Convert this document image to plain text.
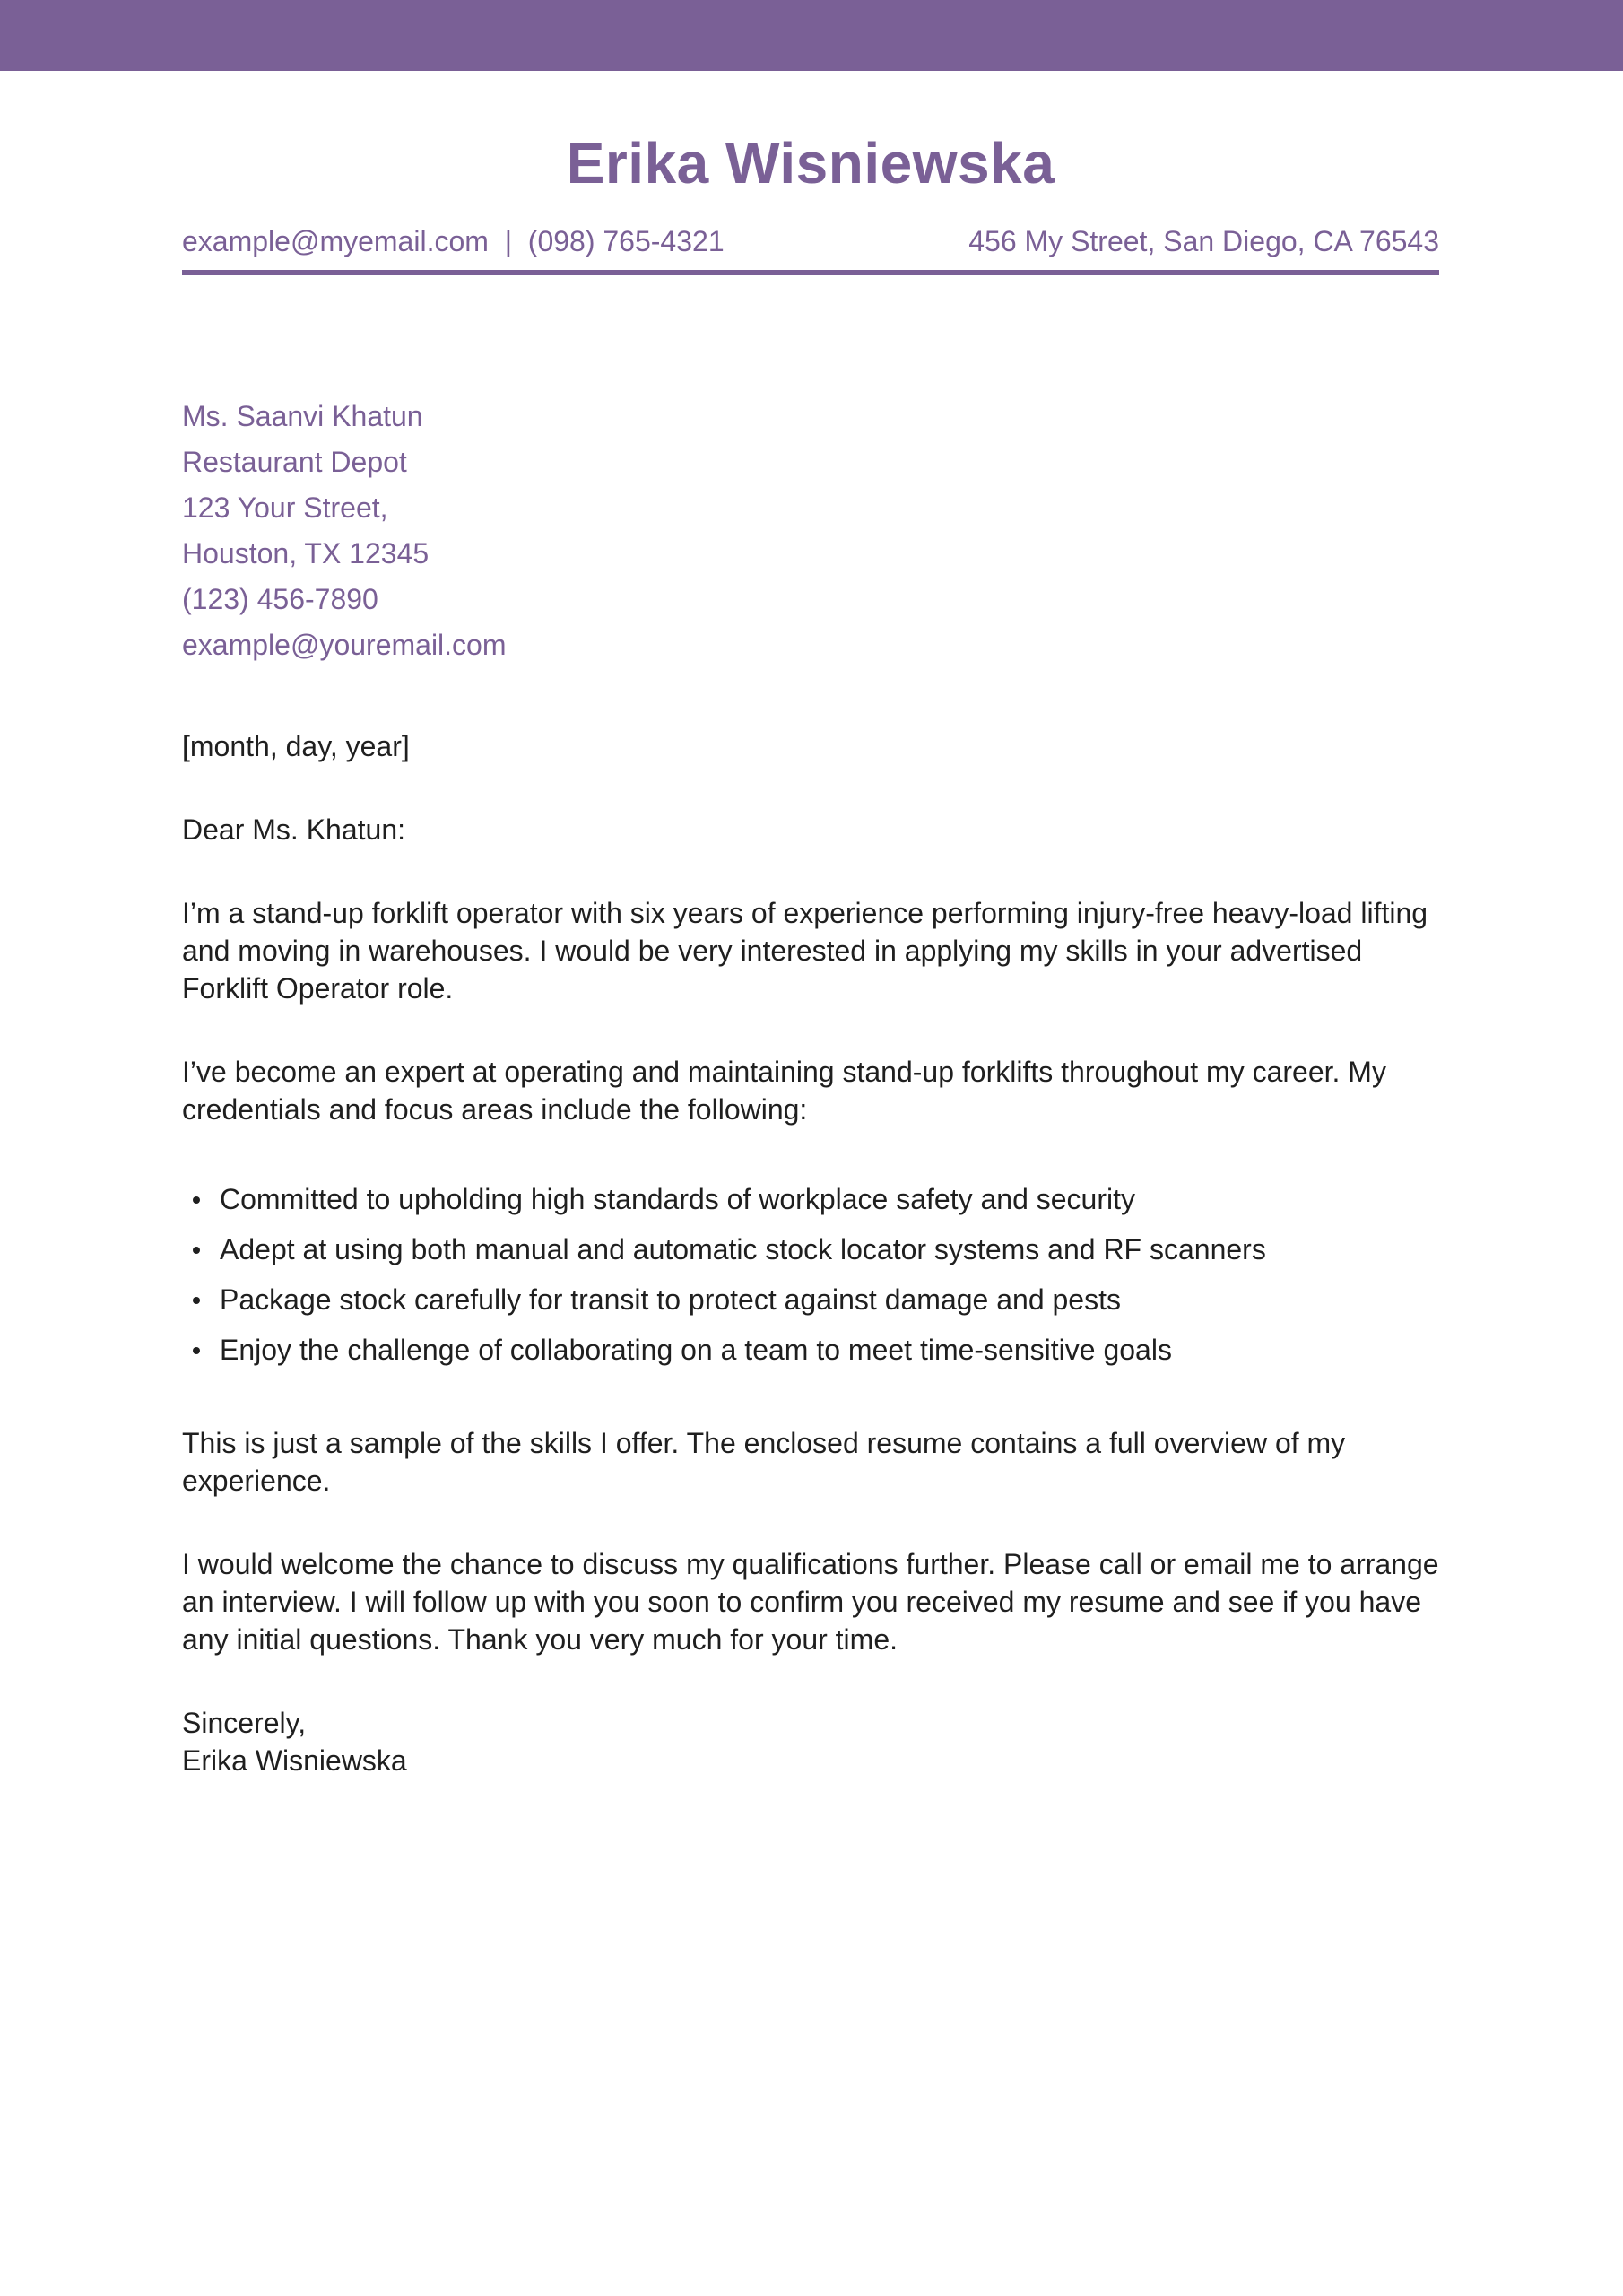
Erika Wisniewska
example@myemail.com | (098) 765-4321	456 My Street, San Diego, CA 76543
Ms. Saanvi Khatun
Restaurant Depot
123 Your Street,
Houston, TX 12345
(123) 456-7890
example@youremail.com
[month, day, year]
Dear Ms. Khatun:

I’m a stand-up forklift operator with six years of experience performing injury-free heavy-load lifting and moving in warehouses. I would be very interested in applying my skills in your advertised Forklift Operator role.

I’ve become an expert at operating and maintaining stand-up forklifts throughout my career. My credentials and focus areas include the following:

Committed to upholding high standards of workplace safety and security
Adept at using both manual and automatic stock locator systems and RF scanners
Package stock carefully for transit to protect against damage and pests
Enjoy the challenge of collaborating on a team to meet time-sensitive goals

This is just a sample of the skills I offer. The enclosed resume contains a full overview of my experience.

I would welcome the chance to discuss my qualifications further. Please call or email me to arrange an interview. I will follow up with you soon to confirm you received my resume and see if you have any initial questions. Thank you very much for your time.

Sincerely,
Erika Wisniewska
